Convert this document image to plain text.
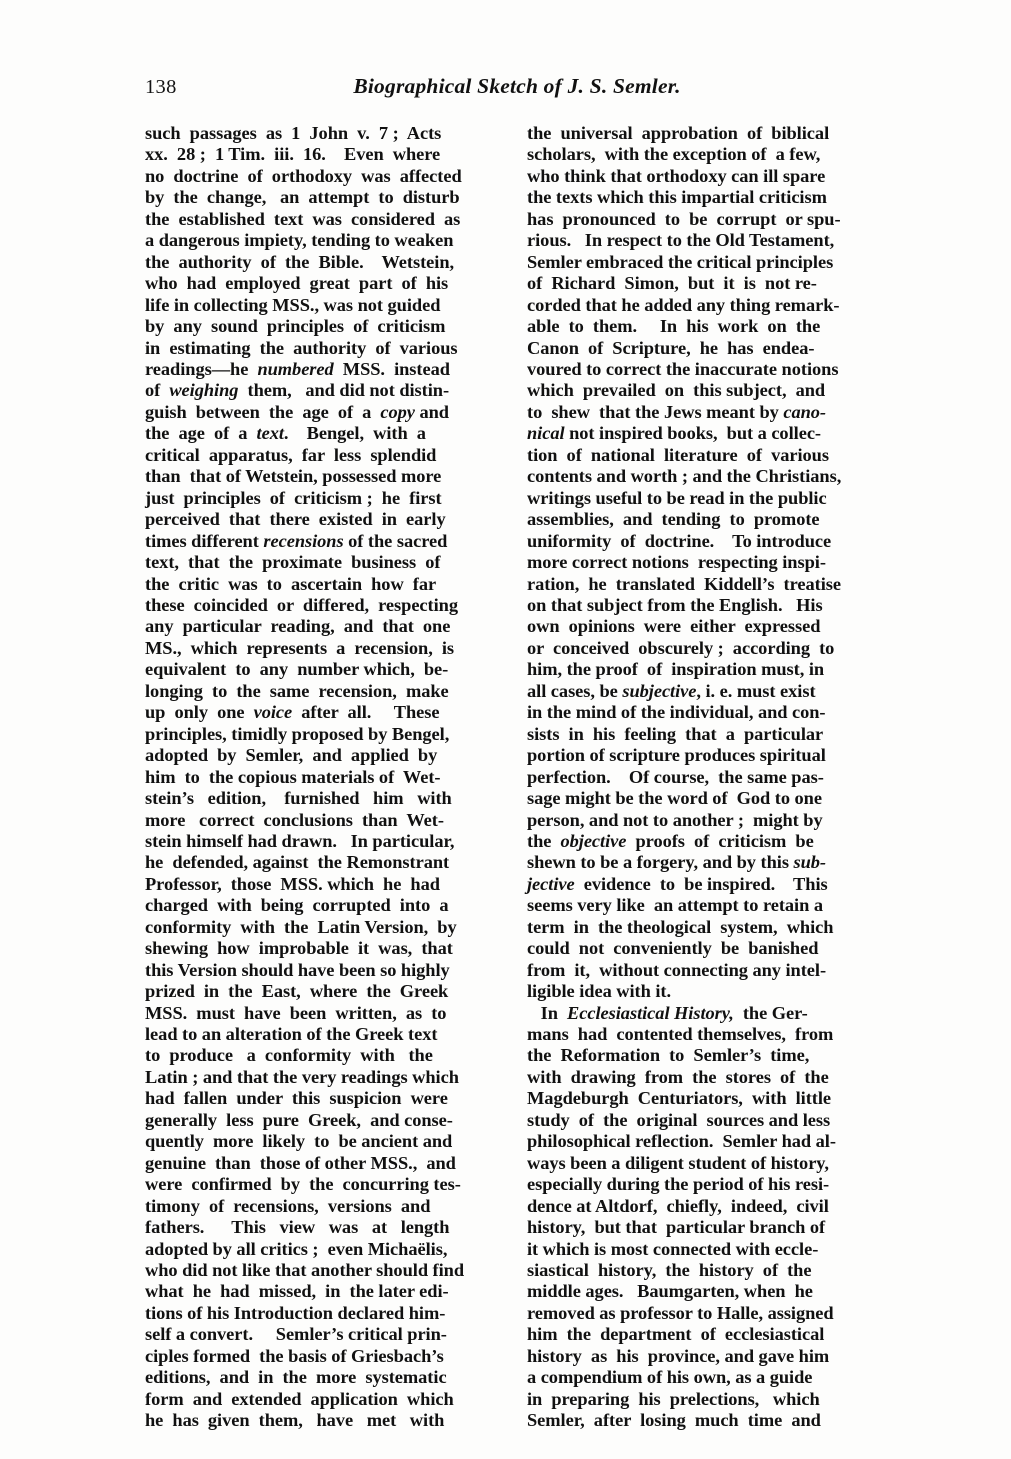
138	Biographical Sketch of J. S. Semler.
such  passages  as  1  John  v.  7 ;  Acts
xx.  28 ;  1 Tim.  iii.  16.    Even  where
no  doctrine  of  orthodoxy  was  affected
by  the  change,   an  attempt  to  disturb
the  established  text  was  considered  as
a dangerous impiety, tending to weaken
the  authority  of  the  Bible.    Wetstein,
who  had  employed  great  part  of  his
life in collecting MSS., was not guided
by  any  sound  principles  of  criticism
in  estimating  the  authority  of  various
readings—he  numbered  MSS.  instead
of  weighing  them,   and did not distin-
guish  between  the  age  of  a  copy and
the  age  of  a  text.    Bengel,  with  a
critical  apparatus,  far  less  splendid
than  that of Wetstein, possessed more
just  principles  of  criticism ;  he  first
perceived  that  there  existed  in  early
times different recensions of the sacred
text,  that  the  proximate  business  of
the  critic  was  to  ascertain  how  far
these  coincided  or  differed,  respecting
any  particular  reading,  and  that  one
MS.,  which  represents  a  recension,  is
equivalent  to  any  number which,  be-
longing  to  the  same  recension,  make
up  only  one  voice  after  all.     These
principles, timidly proposed by Bengel,
adopted  by  Semler,  and  applied  by
him  to  the copious materials of  Wet-
stein’s   edition,    furnished   him   with
more   correct  conclusions  than  Wet-
stein himself had drawn.   In particular,
he  defended, against  the Remonstrant
Professor,  those  MSS. which  he  had
charged  with  being  corrupted  into  a
conformity  with  the  Latin Version,  by
shewing  how  improbable  it  was,  that
this Version should have been so highly
prized  in  the  East,  where  the  Greek
MSS.  must  have  been  written,  as  to
lead to an alteration of the Greek text
to  produce   a  conformity  with   the
Latin ; and that the very readings which
had  fallen  under  this  suspicion  were
generally  less  pure  Greek,  and conse-
quently  more  likely  to  be ancient and
genuine  than  those of other MSS.,  and
were  confirmed  by  the  concurring tes-
timony  of  recensions,  versions  and
fathers.      This   view   was   at   length
adopted by all critics ;  even Michaëlis,
who did not like that another should find
what  he  had  missed,  in  the later edi-
tions of his Introduction declared him-
self a convert.     Semler’s critical prin-
ciples formed  the basis of Griesbach’s
editions,  and  in  the  more  systematic
form  and  extended  application  which
he  has  given  them,   have   met   with
the  universal  approbation  of  biblical
scholars,  with the exception of  a few,
who think that orthodoxy can ill spare
the texts which this impartial criticism
has  pronounced  to  be  corrupt  or spu-
rious.   In respect to the Old Testament,
Semler embraced the critical principles
of  Richard  Simon,  but  it  is  not re-
corded that he added any thing remark-
able  to  them.     In  his  work  on  the
Canon  of  Scripture,  he  has  endea-
voured to correct the inaccurate notions
which  prevailed  on  this subject,  and
to  shew  that the Jews meant by cano-
nical not inspired books,  but a collec-
tion  of  national  literature  of  various
contents and worth ; and the Christians,
writings useful to be read in the public
assemblies,  and  tending  to  promote
uniformity  of  doctrine.    To introduce
more correct notions  respecting inspi-
ration,  he  translated  Kiddell’s  treatise
on that subject from the English.   His
own  opinions  were  either  expressed
or  conceived  obscurely ;  according  to
him, the proof  of  inspiration must, in
all cases, be subjective, i. e. must exist
in the mind of the individual, and con-
sists  in  his  feeling  that  a  particular
portion of scripture produces spiritual
perfection.    Of course,  the same pas-
sage might be the word of  God to one
person, and not to another ;  might by
the  objective  proofs  of  criticism  be
shewn to be a forgery, and by this sub-
jective  evidence  to  be inspired.    This
seems very like  an attempt to retain a
term  in  the theological  system,  which
could  not  conveniently  be  banished
from  it,  without connecting any intel-
ligible idea with it.
In  Ecclesiastical History,  the Ger-
mans  had  contented themselves,  from
the  Reformation  to  Semler’s  time,
with  drawing  from  the  stores  of  the
Magdeburgh  Centuriators,  with  little
study  of  the  original  sources and less
philosophical reflection.  Semler had al-
ways been a diligent student of history,
especially during the period of his resi-
dence at Altdorf,  chiefly,  indeed,  civil
history,  but that  particular branch of
it which is most connected with eccle-
siastical  history,  the  history  of  the
middle ages.   Baumgarten, when  he
removed as professor to Halle, assigned
him  the  department  of  ecclesiastical
history  as  his  province, and gave him
a compendium of his own, as a guide
in  preparing  his  prelections,   which
Semler,  after  losing  much  time  and
